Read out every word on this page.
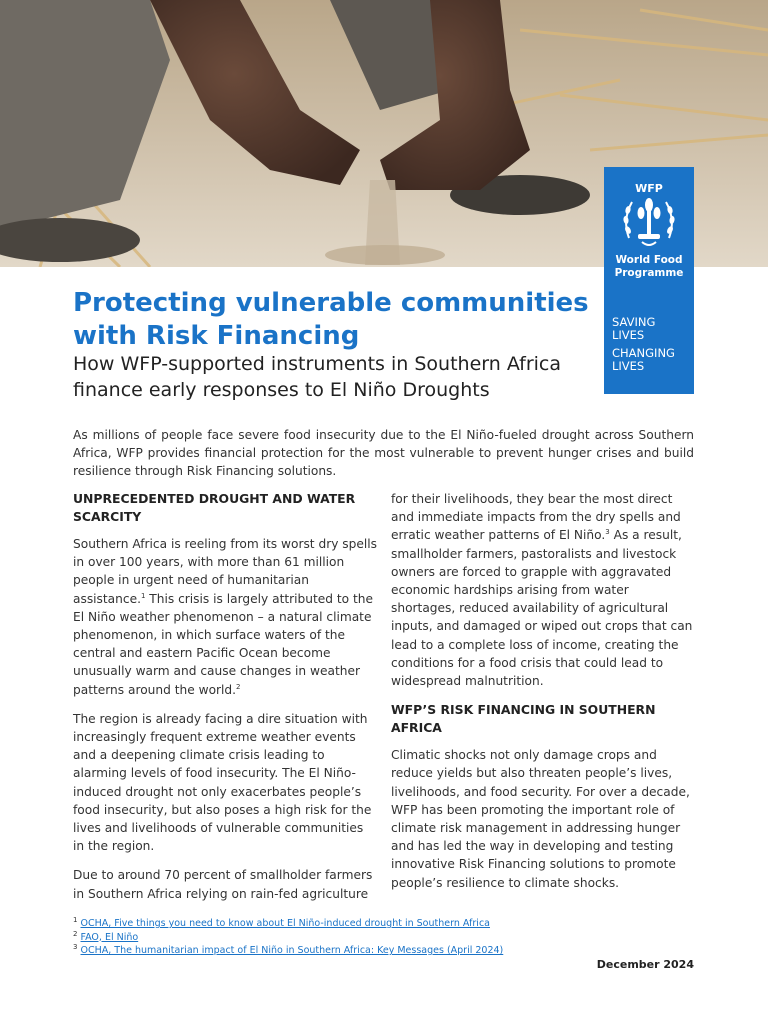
WFP
World Food
Programme
SAVING
LIVES
CHANGING
LIVES
Protecting vulnerable communities with Risk Financing

How WFP-supported instruments in Southern Africa finance early responses to El Niño Droughts

As millions of people face severe food insecurity due to the El Niño-fueled drought across Southern Africa, WFP provides financial protection for the most vulnerable to prevent hunger crises and build resilience through Risk Financing solutions.

UNPRECEDENTED DROUGHT AND WATER SCARCITY

Southern Africa is reeling from its worst dry spells in over 100 years, with more than 61 million people in urgent need of humanitarian assistance.$^1$ This crisis is largely attributed to the El Niño weather phenomenon – a natural climate phenomenon, in which surface waters of the central and eastern Pacific Ocean become unusually warm and cause changes in weather patterns around the world.$^2$

The region is already facing a dire situation with increasingly frequent extreme weather events and a deepening climate crisis leading to alarming levels of food insecurity. The El Niño-induced drought not only exacerbates people’s food insecurity, but also poses a high risk for the lives and livelihoods of vulnerable communities in the region.

Due to around 70 percent of smallholder farmers in Southern Africa relying on rain-fed agriculture

for their livelihoods, they bear the most direct and immediate impacts from the dry spells and erratic weather patterns of El Niño.$^3$ As a result, smallholder farmers, pastoralists and livestock owners are forced to grapple with aggravated economic hardships arising from water shortages, reduced availability of agricultural inputs, and damaged or wiped out crops that can lead to a complete loss of income, creating the conditions for a food crisis that could lead to widespread malnutrition.

WFP’S RISK FINANCING IN SOUTHERN AFRICA

Climatic shocks not only damage crops and reduce yields but also threaten people’s lives, livelihoods, and food security. For over a decade, WFP has been promoting the important role of climate risk management in addressing hunger and has led the way in developing and testing innovative Risk Financing solutions to promote people’s resilience to climate shocks.

$^1$ OCHA, Five things you need to know about El Niño-induced drought in Southern Africa
$^2$ FAO, El Niño
$^3$ OCHA, The humanitarian impact of El Niño in Southern Africa: Key Messages (April 2024)
December 2024
